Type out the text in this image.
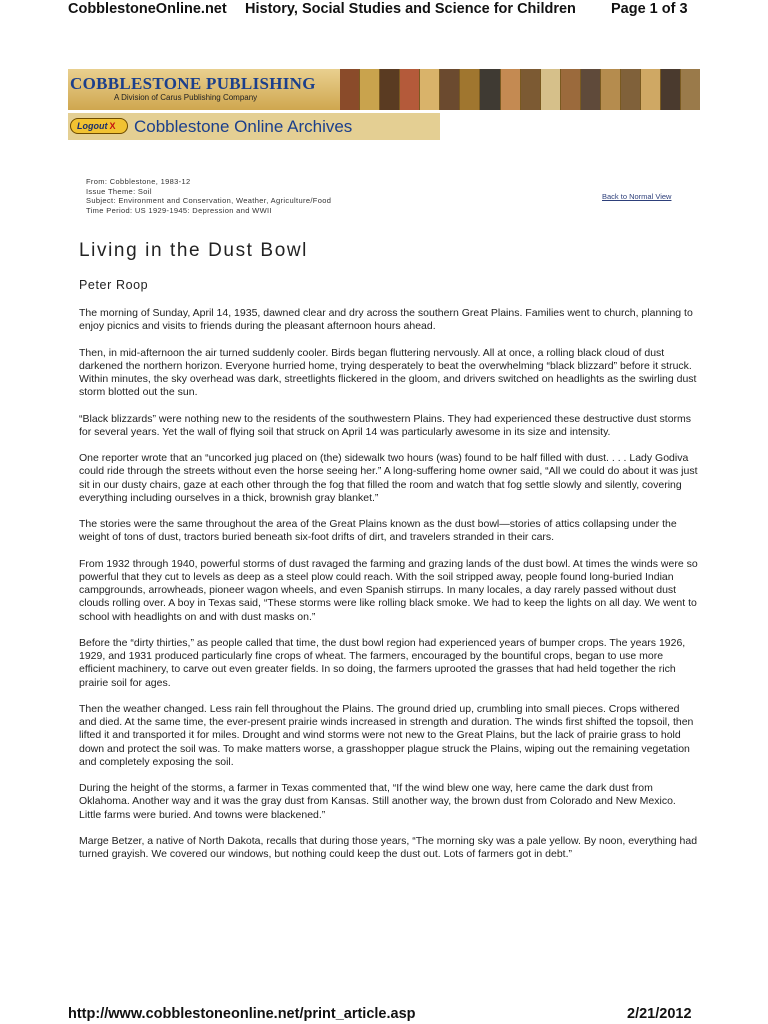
CobblestoneOnline.net History, Social Studies and Science for Children Page 1 of 3
COBBLESTONE PUBLISHING
A Division of Carus Publishing Company
Logout X	Cobblestone Online Archives
From: Cobblestone, 1983-12
Issue Theme: Soil
Subject: Environment and Conservation, Weather, Agriculture/Food
Time Period: US 1929-1945: Depression and WWII
Back to Normal View
Living in the Dust Bowl
Peter Roop

The morning of Sunday, April 14, 1935, dawned clear and dry across the southern Great Plains. Families went to church, planning to enjoy picnics and visits to friends during the pleasant afternoon hours ahead.

Then, in mid-afternoon the air turned suddenly cooler. Birds began fluttering nervously. All at once, a rolling black cloud of dust darkened the northern horizon. Everyone hurried home, trying desperately to beat the overwhelming “black blizzard” before it struck. Within minutes, the sky overhead was dark, streetlights flickered in the gloom, and drivers switched on headlights as the swirling dust storm blotted out the sun.

“Black blizzards” were nothing new to the residents of the southwestern Plains. They had experienced these destructive dust storms for several years. Yet the wall of flying soil that struck on April 14 was particularly awesome in its size and intensity.

One reporter wrote that an “uncorked jug placed on (the) sidewalk two hours (was) found to be half filled with dust. . . . Lady Godiva could ride through the streets without even the horse seeing her.” A long-suffering home owner said, “All we could do about it was just sit in our dusty chairs, gaze at each other through the fog that filled the room and watch that fog settle slowly and silently, covering everything including ourselves in a thick, brownish gray blanket.”

The stories were the same throughout the area of the Great Plains known as the dust bowl—stories of attics collapsing under the weight of tons of dust, tractors buried beneath six-foot drifts of dirt, and travelers stranded in their cars.

From 1932 through 1940, powerful storms of dust ravaged the farming and grazing lands of the dust bowl. At times the winds were so powerful that they cut to levels as deep as a steel plow could reach. With the soil stripped away, people found long-buried Indian campgrounds, arrowheads, pioneer wagon wheels, and even Spanish stirrups. In many locales, a day rarely passed without dust clouds rolling over. A boy in Texas said, “These storms were like rolling black smoke. We had to keep the lights on all day. We went to school with headlights on and with dust masks on.”

Before the “dirty thirties,” as people called that time, the dust bowl region had experienced years of bumper crops. The years 1926, 1929, and 1931 produced particularly fine crops of wheat. The farmers, encouraged by the bountiful crops, began to use more efficient machinery, to carve out even greater fields. In so doing, the farmers uprooted the grasses that had held together the rich prairie soil for ages.

Then the weather changed. Less rain fell throughout the Plains. The ground dried up, crumbling into small pieces. Crops withered and died. At the same time, the ever-present prairie winds increased in strength and duration. The winds first shifted the topsoil, then lifted it and transported it for miles. Drought and wind storms were not new to the Great Plains, but the lack of prairie grass to hold down and protect the soil was. To make matters worse, a grasshopper plague struck the Plains, wiping out the remaining vegetation and completely exposing the soil.

During the height of the storms, a farmer in Texas commented that, “If the wind blew one way, here came the dark dust from Oklahoma. Another way and it was the gray dust from Kansas. Still another way, the brown dust from Colorado and New Mexico. Little farms were buried. And towns were blackened.”

Marge Betzer, a native of North Dakota, recalls that during those years, “The morning sky was a pale yellow. By noon, everything had turned grayish. We covered our windows, but nothing could keep the dust out. Lots of farmers got in debt.”

http://www.cobblestoneonline.net/print_article.asp	2/21/2012
